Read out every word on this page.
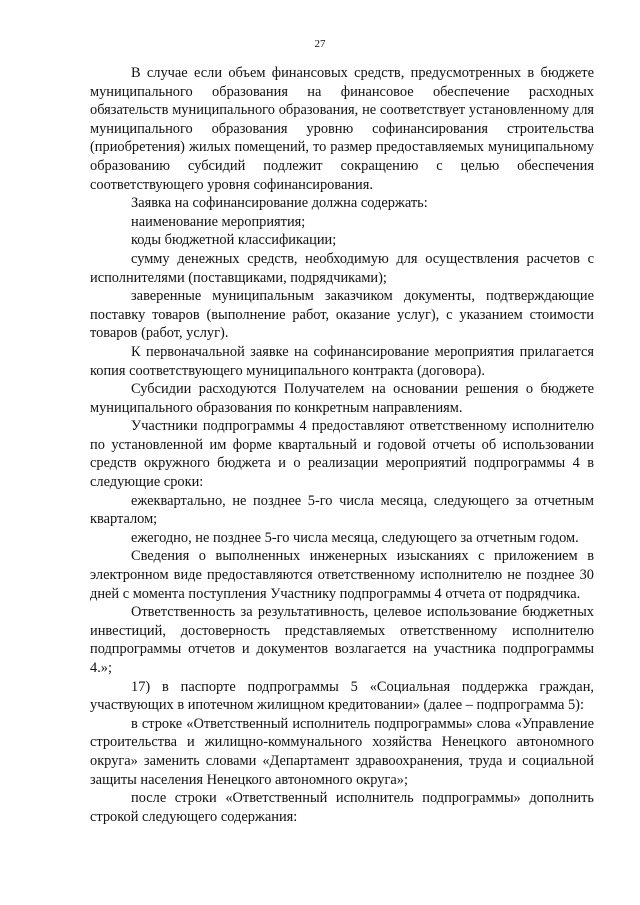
27

В случае если объем финансовых средств, предусмотренных в бюджете муниципального образования на финансовое обеспечение расходных обязательств муниципального образования, не соответствует установленному для муниципального образования уровню софинансирования строительства (приобретения) жилых помещений, то размер предоставляемых муниципальному образованию субсидий подлежит сокращению с целью обеспечения соответствующего уровня софинансирования.

Заявка на софинансирование должна содержать:

наименование мероприятия;

коды бюджетной классификации;

сумму денежных средств, необходимую для осуществления расчетов с исполнителями (поставщиками, подрядчиками);

заверенные муниципальным заказчиком документы, подтверждающие поставку товаров (выполнение работ, оказание услуг), с указанием стоимости товаров (работ, услуг).

К первоначальной заявке на софинансирование мероприятия прилагается копия соответствующего муниципального контракта (договора).

Субсидии расходуются Получателем на основании решения о бюджете муниципального образования по конкретным направлениям.

Участники подпрограммы 4 предоставляют ответственному исполнителю по установленной им форме квартальный и годовой отчеты об использовании средств окружного бюджета и о реализации мероприятий подпрограммы 4 в следующие сроки:

ежеквартально, не позднее 5-го числа месяца, следующего за отчетным кварталом;

ежегодно, не позднее 5-го числа месяца, следующего за отчетным годом.

Сведения о выполненных инженерных изысканиях с приложением в электронном виде предоставляются ответственному исполнителю не позднее 30 дней с момента поступления Участнику подпрограммы 4 отчета от подрядчика.

Ответственность за результативность, целевое использование бюджетных инвестиций, достоверность представляемых ответственному исполнителю подпрограммы отчетов и документов возлагается на участника подпрограммы 4.»;

17) в паспорте подпрограммы 5 «Социальная поддержка граждан, участвующих в ипотечном жилищном кредитовании» (далее – подпрограмма 5):

в строке «Ответственный исполнитель подпрограммы» слова «Управление строительства и жилищно-коммунального хозяйства Ненецкого автономного округа» заменить словами «Департамент здравоохранения, труда и социальной защиты населения Ненецкого автономного округа»;

после строки «Ответственный исполнитель подпрограммы» дополнить строкой следующего содержания:
